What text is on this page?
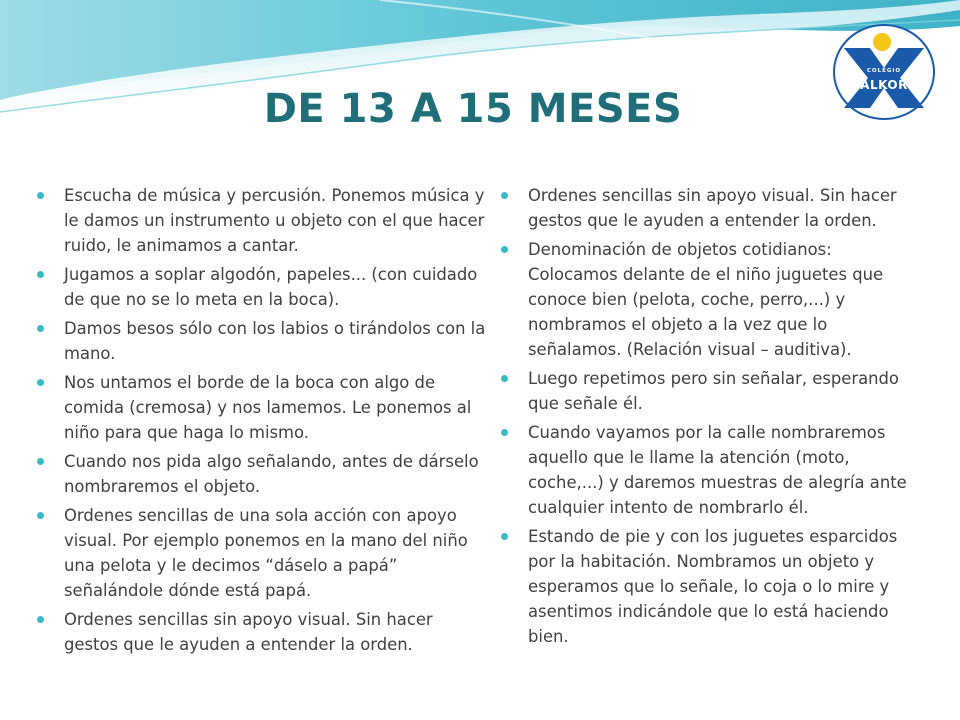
COLEGIO
ALKOR
DE 13 A 15 MESES
Escucha de música y percusión. Ponemos música y le damos un instrumento u objeto con el que hacer ruido, le animamos a cantar.
Jugamos a soplar algodón, papeles... (con cuidado de que no se lo meta en la boca).
Damos besos sólo con los labios o tirándolos con la mano.
Nos untamos el borde de la boca con algo de comida (cremosa) y nos lamemos. Le ponemos al niño para que haga lo mismo.
Cuando nos pida algo señalando, antes de dárselo nombraremos el objeto.
Ordenes sencillas de una sola acción con apoyo visual. Por ejemplo ponemos en la mano del niño una pelota y le decimos “dáselo a papá” señalándole dónde está papá.
Ordenes sencillas sin apoyo visual. Sin hacer gestos que le ayuden a entender la orden.
Ordenes sencillas sin apoyo visual. Sin hacer gestos que le ayuden a entender la orden.
Denominación de objetos cotidianos: Colocamos delante de el niño juguetes que conoce bien (pelota, coche, perro,...) y nombramos el objeto a la vez que lo señalamos. (Relación visual – auditiva).
Luego repetimos pero sin señalar, esperando que señale él.
Cuando vayamos por la calle nombraremos aquello que le llame la atención (moto, coche,...) y daremos muestras de alegría ante cualquier intento de nombrarlo él.
Estando de pie y con los juguetes esparcidos por la habitación. Nombramos un objeto y esperamos que lo señale, lo coja o lo mire y asentimos indicándole que lo está haciendo bien.
